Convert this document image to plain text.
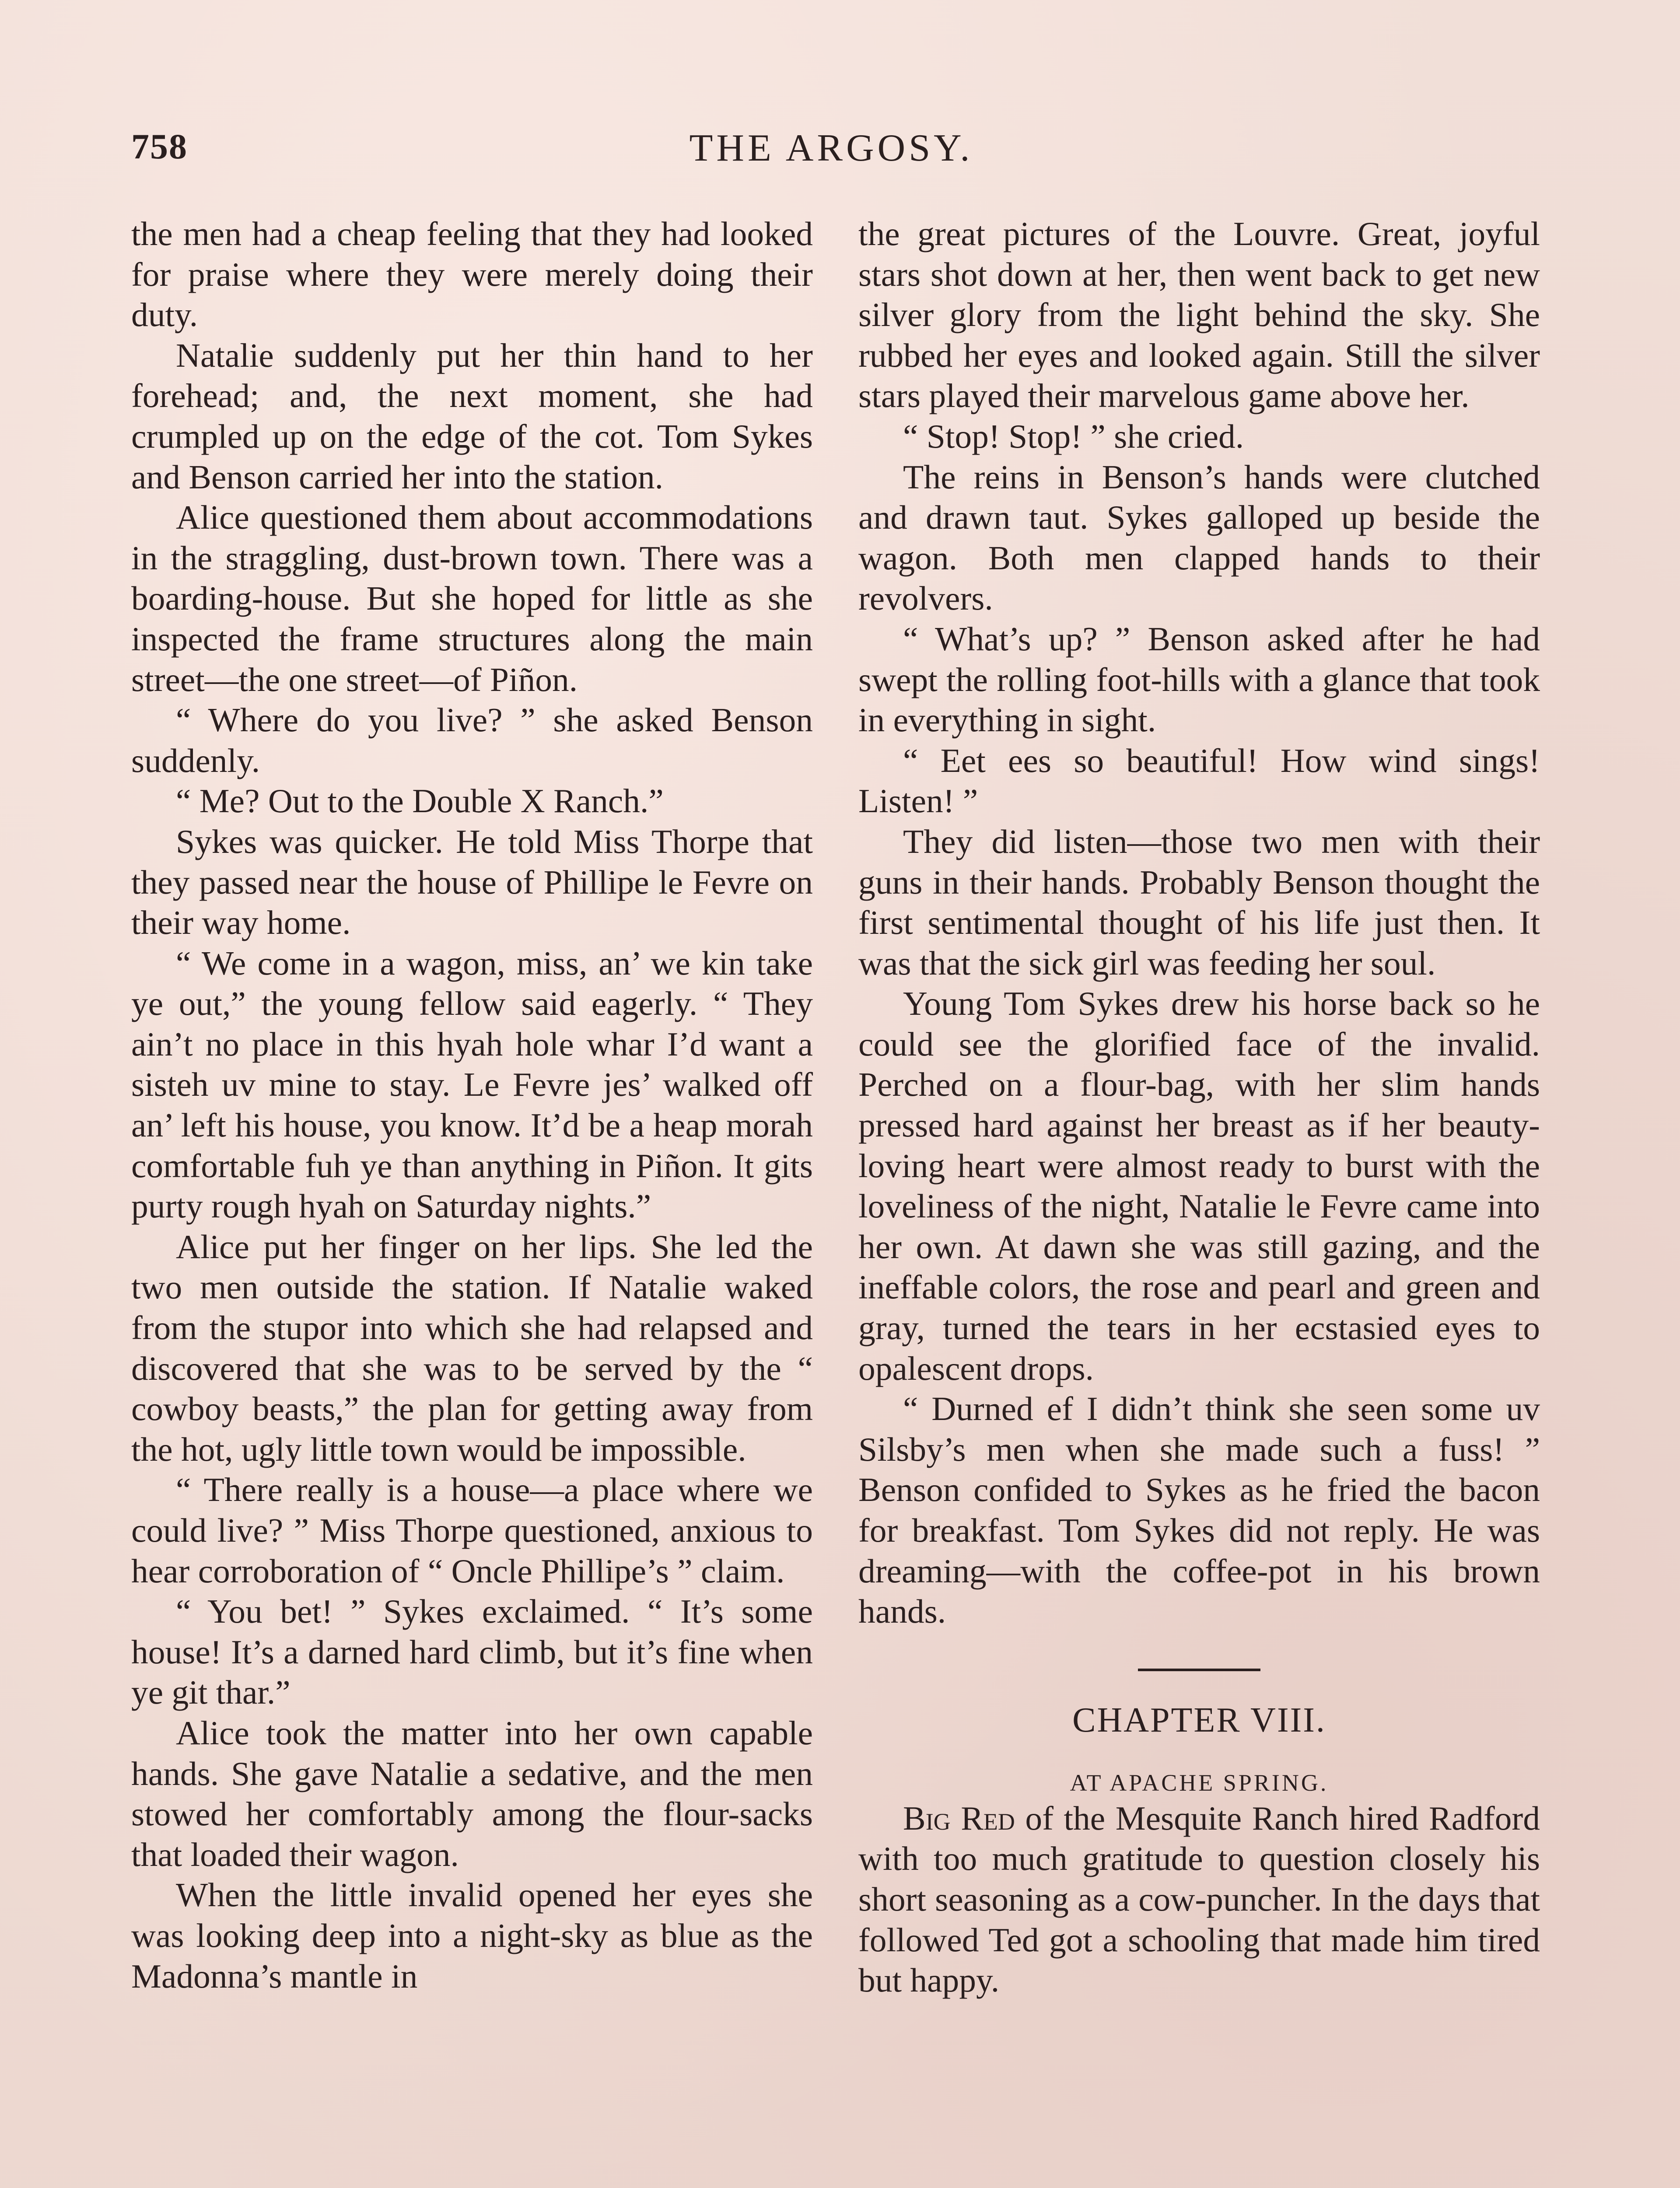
758	THE ARGOSY.

the men had a cheap feeling that they had looked for praise where they were merely doing their duty.

Natalie suddenly put her thin hand to her forehead; and, the next moment, she had crumpled up on the edge of the cot. Tom Sykes and Benson carried her into the station.

Alice questioned them about accommodations in the straggling, dust-brown town. There was a boarding-house. But she hoped for little as she inspected the frame structures along the main street—the one street—of Piñon.

“ Where do you live? ” she asked Benson suddenly.

“ Me? Out to the Double X Ranch.”

Sykes was quicker. He told Miss Thorpe that they passed near the house of Phillipe le Fevre on their way home.

“ We come in a wagon, miss, an’ we kin take ye out,” the young fellow said eagerly. “ They ain’t no place in this hyah hole whar I’d want a sisteh uv mine to stay. Le Fevre jes’ walked off an’ left his house, you know. It’d be a heap morah comfortable fuh ye than anything in Piñon. It gits purty rough hyah on Saturday nights.”

Alice put her finger on her lips. She led the two men outside the station. If Natalie waked from the stupor into which she had relapsed and discovered that she was to be served by the “ cowboy beasts,” the plan for getting away from the hot, ugly little town would be impossible.

“ There really is a house—a place where we could live? ” Miss Thorpe questioned, anxious to hear corroboration of “ Oncle Phillipe’s ” claim.

“ You bet! ” Sykes exclaimed. “ It’s some house! It’s a darned hard climb, but it’s fine when ye git thar.”

Alice took the matter into her own capable hands. She gave Natalie a sedative, and the men stowed her comfortably among the flour-sacks that loaded their wagon.

When the little invalid opened her eyes she was looking deep into a night-sky as blue as the Madonna’s mantle in

the great pictures of the Louvre. Great, joyful stars shot down at her, then went back to get new silver glory from the light behind the sky. She rubbed her eyes and looked again. Still the silver stars played their marvelous game above her.

“ Stop! Stop! ” she cried.

The reins in Benson’s hands were clutched and drawn taut. Sykes galloped up beside the wagon. Both men clapped hands to their revolvers.

“ What’s up? ” Benson asked after he had swept the rolling foot-hills with a glance that took in everything in sight.

“ Eet ees so beautiful! How wind sings! Listen! ”

They did listen—those two men with their guns in their hands. Probably Benson thought the first sentimental thought of his life just then. It was that the sick girl was feeding her soul.

Young Tom Sykes drew his horse back so he could see the glorified face of the invalid. Perched on a flour-bag, with her slim hands pressed hard against her breast as if her beauty-loving heart were almost ready to burst with the loveliness of the night, Natalie le Fevre came into her own. At dawn she was still gazing, and the ineffable colors, the rose and pearl and green and gray, turned the tears in her ecstasied eyes to opalescent drops.

“ Durned ef I didn’t think she seen some uv Silsby’s men when she made such a fuss! ” Benson confided to Sykes as he fried the bacon for breakfast. Tom Sykes did not reply. He was dreaming—with the coffee-pot in his brown hands.

CHAPTER VIII.
AT APACHE SPRING.

Big Red of the Mesquite Ranch hired Radford with too much gratitude to question closely his short seasoning as a cow-puncher. In the days that followed Ted got a schooling that made him tired but happy.
